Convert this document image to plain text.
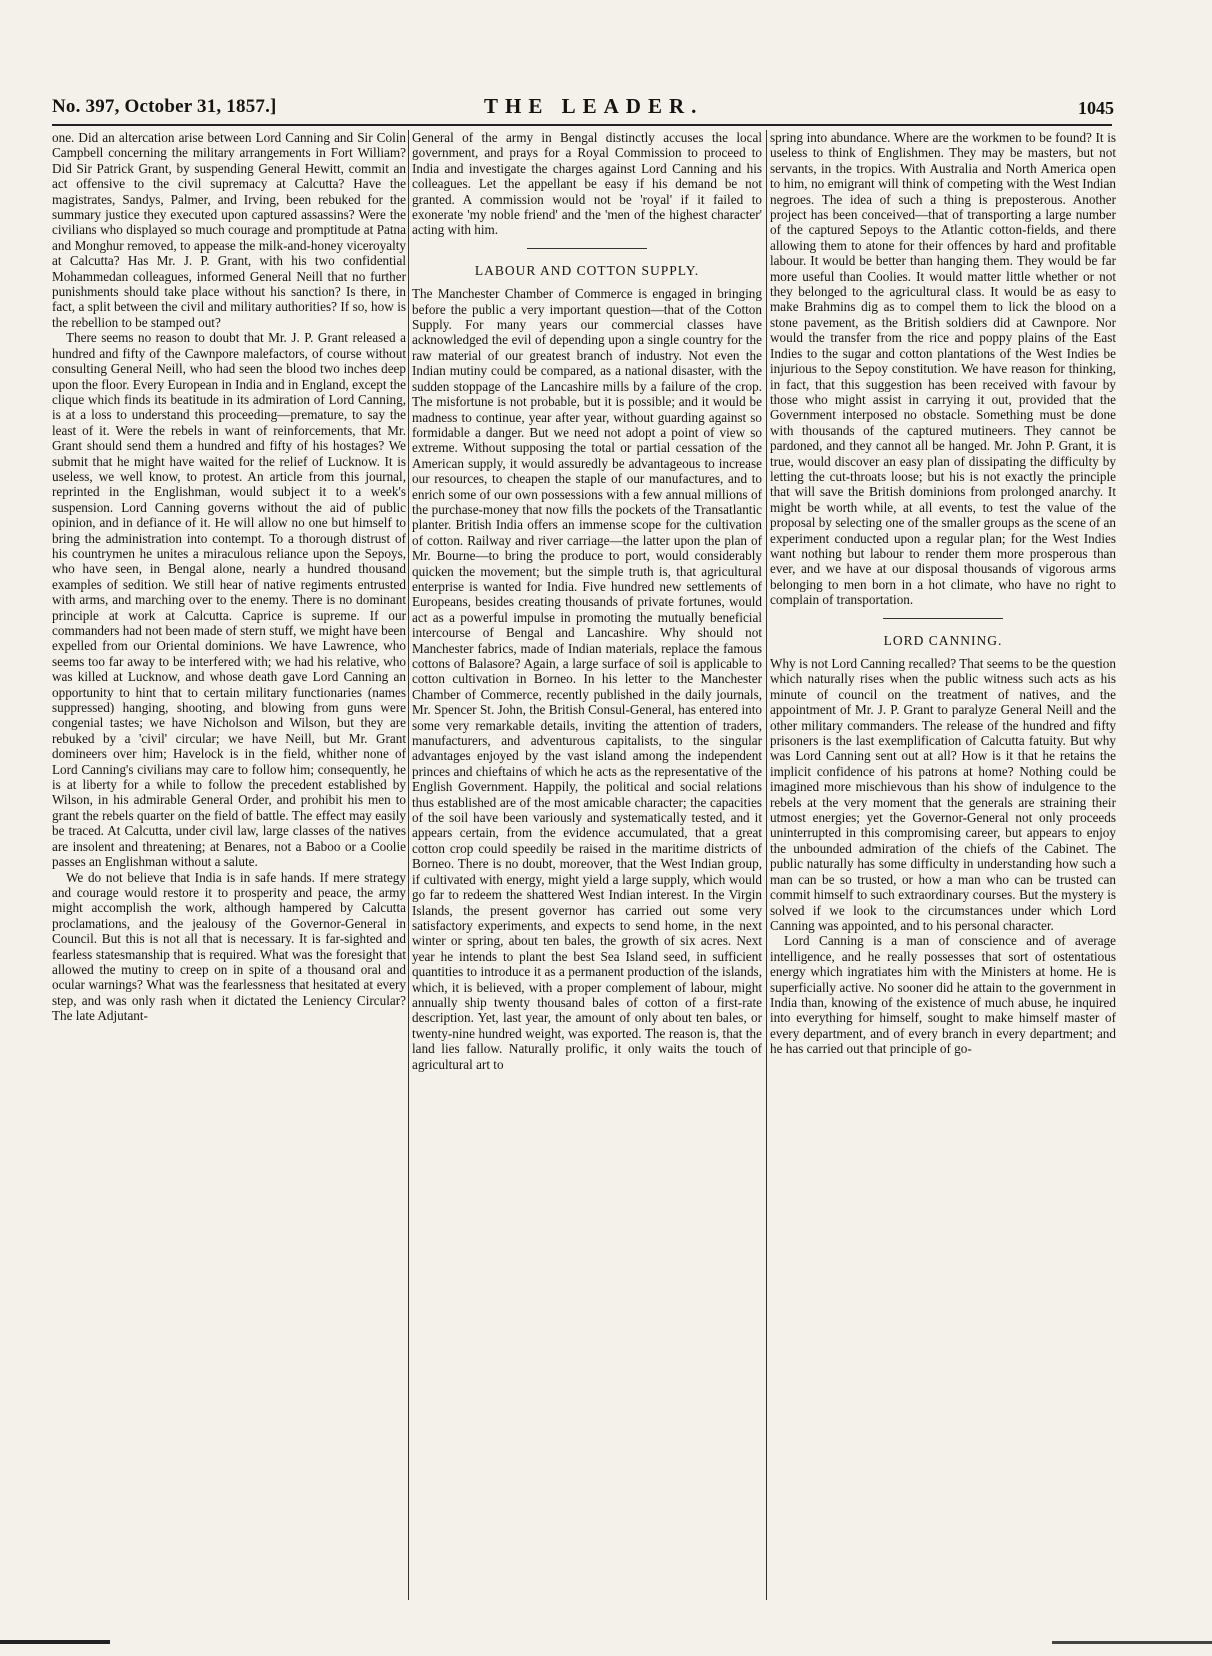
No. 397, October 31, 1857.]	THE LEADER.	1045

one. Did an altercation arise between Lord Canning and Sir Colin Campbell concerning the military arrangements in Fort William? Did Sir Patrick Grant, by suspending General Hewitt, commit an act offensive to the civil supremacy at Calcutta? Have the magistrates, Sandys, Palmer, and Irving, been rebuked for the summary justice they executed upon captured assassins? Were the civilians who displayed so much courage and promptitude at Patna and Monghur removed, to appease the milk-and-honey viceroyalty at Calcutta? Has Mr. J. P. Grant, with his two confidential Mohammedan colleagues, informed General Neill that no further punishments should take place without his sanction? Is there, in fact, a split between the civil and military authorities? If so, how is the rebellion to be stamped out?

There seems no reason to doubt that Mr. J. P. Grant released a hundred and fifty of the Cawnpore malefactors, of course without consulting General Neill, who had seen the blood two inches deep upon the floor. Every European in India and in England, except the clique which finds its beatitude in its admiration of Lord Canning, is at a loss to understand this proceeding—premature, to say the least of it. Were the rebels in want of reinforcements, that Mr. Grant should send them a hundred and fifty of his hostages? We submit that he might have waited for the relief of Lucknow. It is useless, we well know, to protest. An article from this journal, reprinted in the Englishman, would subject it to a week's suspension. Lord Canning governs without the aid of public opinion, and in defiance of it. He will allow no one but himself to bring the administration into contempt. To a thorough distrust of his countrymen he unites a miraculous reliance upon the Sepoys, who have seen, in Bengal alone, nearly a hundred thousand examples of sedition. We still hear of native regiments entrusted with arms, and marching over to the enemy. There is no dominant principle at work at Calcutta. Caprice is supreme. If our commanders had not been made of stern stuff, we might have been expelled from our Oriental dominions. We have Lawrence, who seems too far away to be interfered with; we had his relative, who was killed at Lucknow, and whose death gave Lord Canning an opportunity to hint that to certain military functionaries (names suppressed) hanging, shooting, and blowing from guns were congenial tastes; we have Nicholson and Wilson, but they are rebuked by a 'civil' circular; we have Neill, but Mr. Grant domineers over him; Havelock is in the field, whither none of Lord Canning's civilians may care to follow him; consequently, he is at liberty for a while to follow the precedent established by Wilson, in his admirable General Order, and prohibit his men to grant the rebels quarter on the field of battle. The effect may easily be traced. At Calcutta, under civil law, large classes of the natives are insolent and threatening; at Benares, not a Baboo or a Coolie passes an Englishman without a salute.

We do not believe that India is in safe hands. If mere strategy and courage would restore it to prosperity and peace, the army might accomplish the work, although hampered by Calcutta proclamations, and the jealousy of the Governor-General in Council. But this is not all that is necessary. It is far-sighted and fearless statesmanship that is required. What was the foresight that allowed the mutiny to creep on in spite of a thousand oral and ocular warnings? What was the fearlessness that hesitated at every step, and was only rash when it dictated the Leniency Circular? The late Adjutant-

General of the army in Bengal distinctly accuses the local government, and prays for a Royal Commission to proceed to India and investigate the charges against Lord Canning and his colleagues. Let the appellant be easy if his demand be not granted. A commission would not be 'royal' if it failed to exonerate 'my noble friend' and the 'men of the highest character' acting with him.

LABOUR AND COTTON SUPPLY.

The Manchester Chamber of Commerce is engaged in bringing before the public a very important question—that of the Cotton Supply. For many years our commercial classes have acknowledged the evil of depending upon a single country for the raw material of our greatest branch of industry. Not even the Indian mutiny could be compared, as a national disaster, with the sudden stoppage of the Lancashire mills by a failure of the crop. The misfortune is not probable, but it is possible; and it would be madness to continue, year after year, without guarding against so formidable a danger. But we need not adopt a point of view so extreme. Without supposing the total or partial cessation of the American supply, it would assuredly be advantageous to increase our resources, to cheapen the staple of our manufactures, and to enrich some of our own possessions with a few annual millions of the purchase-money that now fills the pockets of the Transatlantic planter. British India offers an immense scope for the cultivation of cotton. Railway and river carriage—the latter upon the plan of Mr. Bourne—to bring the produce to port, would considerably quicken the movement; but the simple truth is, that agricultural enterprise is wanted for India. Five hundred new settlements of Europeans, besides creating thousands of private fortunes, would act as a powerful impulse in promoting the mutually beneficial intercourse of Bengal and Lancashire. Why should not Manchester fabrics, made of Indian materials, replace the famous cottons of Balasore? Again, a large surface of soil is applicable to cotton cultivation in Borneo. In his letter to the Manchester Chamber of Commerce, recently published in the daily journals, Mr. Spencer St. John, the British Consul-General, has entered into some very remarkable details, inviting the attention of traders, manufacturers, and adventurous capitalists, to the singular advantages enjoyed by the vast island among the independent princes and chieftains of which he acts as the representative of the English Government. Happily, the political and social relations thus established are of the most amicable character; the capacities of the soil have been variously and systematically tested, and it appears certain, from the evidence accumulated, that a great cotton crop could speedily be raised in the maritime districts of Borneo. There is no doubt, moreover, that the West Indian group, if cultivated with energy, might yield a large supply, which would go far to redeem the shattered West Indian interest. In the Virgin Islands, the present governor has carried out some very satisfactory experiments, and expects to send home, in the next winter or spring, about ten bales, the growth of six acres. Next year he intends to plant the best Sea Island seed, in sufficient quantities to introduce it as a permanent production of the islands, which, it is believed, with a proper complement of labour, might annually ship twenty thousand bales of cotton of a first-rate description. Yet, last year, the amount of only about ten bales, or twenty-nine hundred weight, was exported. The reason is, that the land lies fallow. Naturally prolific, it only waits the touch of agricultural art to

spring into abundance. Where are the workmen to be found? It is useless to think of Englishmen. They may be masters, but not servants, in the tropics. With Australia and North America open to him, no emigrant will think of competing with the West Indian negroes. The idea of such a thing is preposterous. Another project has been conceived—that of transporting a large number of the captured Sepoys to the Atlantic cotton-fields, and there allowing them to atone for their offences by hard and profitable labour. It would be better than hanging them. They would be far more useful than Coolies. It would matter little whether or not they belonged to the agricultural class. It would be as easy to make Brahmins dig as to compel them to lick the blood on a stone pavement, as the British soldiers did at Cawnpore. Nor would the transfer from the rice and poppy plains of the East Indies to the sugar and cotton plantations of the West Indies be injurious to the Sepoy constitution. We have reason for thinking, in fact, that this suggestion has been received with favour by those who might assist in carrying it out, provided that the Government interposed no obstacle. Something must be done with thousands of the captured mutineers. They cannot be pardoned, and they cannot all be hanged. Mr. John P. Grant, it is true, would discover an easy plan of dissipating the difficulty by letting the cut-throats loose; but his is not exactly the principle that will save the British dominions from prolonged anarchy. It might be worth while, at all events, to test the value of the proposal by selecting one of the smaller groups as the scene of an experiment conducted upon a regular plan; for the West Indies want nothing but labour to render them more prosperous than ever, and we have at our disposal thousands of vigorous arms belonging to men born in a hot climate, who have no right to complain of transportation.

LORD CANNING.

Why is not Lord Canning recalled? That seems to be the question which naturally rises when the public witness such acts as his minute of council on the treatment of natives, and the appointment of Mr. J. P. Grant to paralyze General Neill and the other military commanders. The release of the hundred and fifty prisoners is the last exemplification of Calcutta fatuity. But why was Lord Canning sent out at all? How is it that he retains the implicit confidence of his patrons at home? Nothing could be imagined more mischievous than his show of indulgence to the rebels at the very moment that the generals are straining their utmost energies; yet the Governor-General not only proceeds uninterrupted in this compromising career, but appears to enjoy the unbounded admiration of the chiefs of the Cabinet. The public naturally has some difficulty in understanding how such a man can be so trusted, or how a man who can be trusted can commit himself to such extraordinary courses. But the mystery is solved if we look to the circumstances under which Lord Canning was appointed, and to his personal character.

Lord Canning is a man of conscience and of average intelligence, and he really possesses that sort of ostentatious energy which ingratiates him with the Ministers at home. He is superficially active. No sooner did he attain to the government in India than, knowing of the existence of much abuse, he inquired into everything for himself, sought to make himself master of every department, and of every branch in every department; and he has carried out that principle of go-
